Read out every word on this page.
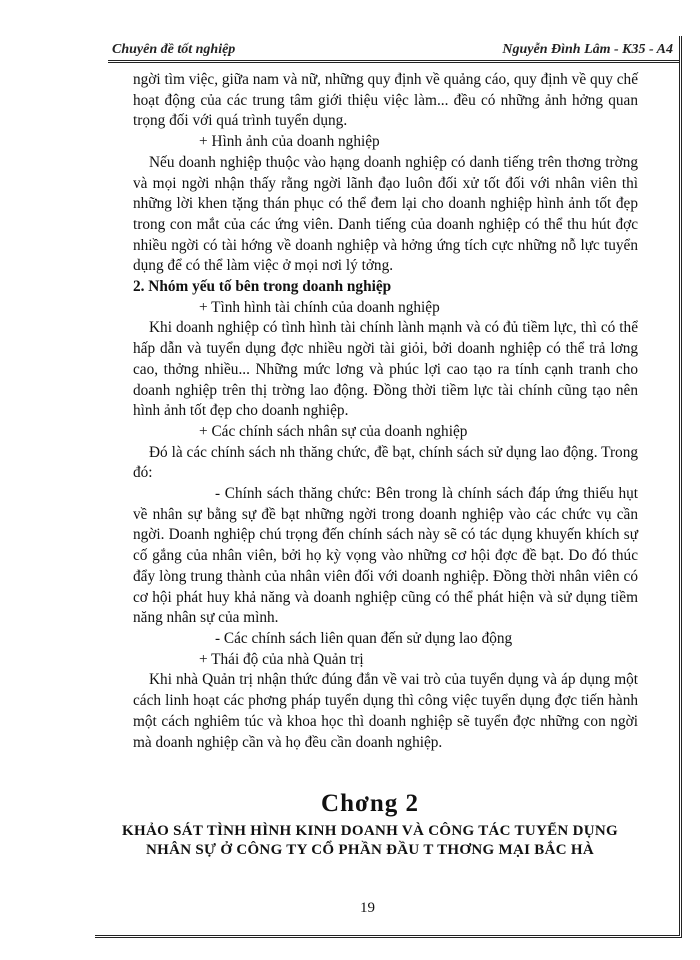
Chuyên đề tốt nghiệp	Nguyễn Đình Lâm - K35 - A4

ngời tìm việc, giữa nam và nữ, những quy định về quảng cáo, quy định về quy chế hoạt động của các trung tâm giới thiệu việc làm... đều có những ảnh hởng quan trọng đối với quá trình tuyển dụng.

+ Hình ảnh của doanh nghiệp

Nếu doanh nghiệp thuộc vào hạng doanh nghiệp có danh tiếng trên thơng trờng và mọi ngời nhận thấy rằng ngời lãnh đạo luôn đối xử tốt đối với nhân viên thì những lời khen tặng thán phục có thể đem lại cho doanh nghiệp hình ảnh tốt đẹp trong con mắt của các ứng viên. Danh tiếng của doanh nghiệp có thể thu hút đợc nhiều ngời có tài hớng về doanh nghiệp và hởng ứng tích cực những nỗ lực tuyển dụng để có thể làm việc ở mọi nơi lý tởng.

2. Nhóm yếu tố bên trong doanh nghiệp

+ Tình hình tài chính của doanh nghiệp

Khi doanh nghiệp có tình hình tài chính lành mạnh và có đủ tiềm lực, thì có thể hấp dẫn và tuyển dụng đợc nhiều ngời tài giỏi, bởi doanh nghiệp có thể trả lơng cao, thởng nhiều... Những mức lơng và phúc lợi cao tạo ra tính cạnh tranh cho doanh nghiệp trên thị trờng lao động. Đồng thời tiềm lực tài chính cũng tạo nên hình ảnh tốt đẹp cho doanh nghiệp.

+ Các chính sách nhân sự của doanh nghiệp

Đó là các chính sách nh thăng chức, đề bạt, chính sách sử dụng lao động. Trong đó:

- Chính sách thăng chức: Bên trong là chính sách đáp ứng thiếu hụt về nhân sự bằng sự đề bạt những ngời trong doanh nghiệp vào các chức vụ cần ngời. Doanh nghiệp chú trọng đến chính sách này sẽ có tác dụng khuyến khích sự cố gắng của nhân viên, bởi họ kỳ vọng vào những cơ hội đợc đề bạt. Do đó thúc đẩy lòng trung thành của nhân viên đối với doanh nghiệp. Đồng thời nhân viên có cơ hội phát huy khả năng và doanh nghiệp cũng có thể phát hiện và sử dụng tiềm năng nhân sự của mình.

- Các chính sách liên quan đến sử dụng lao động

+ Thái độ của nhà Quản trị

Khi nhà Quản trị nhận thức đúng đắn về vai trò của tuyển dụng và áp dụng một cách linh hoạt các phơng pháp tuyển dụng thì công việc tuyển dụng đợc tiến hành một cách nghiêm túc và khoa học thì doanh nghiệp sẽ tuyển đợc những con ngời mà doanh nghiệp cần và họ đều cần doanh nghiệp.

Chơng 2
KHẢO SÁT TÌNH HÌNH KINH DOANH VÀ CÔNG TÁC TUYỂN DỤNG
NHÂN SỰ Ở CÔNG TY CỔ PHẦN ĐẦU T THƠNG MẠI BẮC HÀ
19
